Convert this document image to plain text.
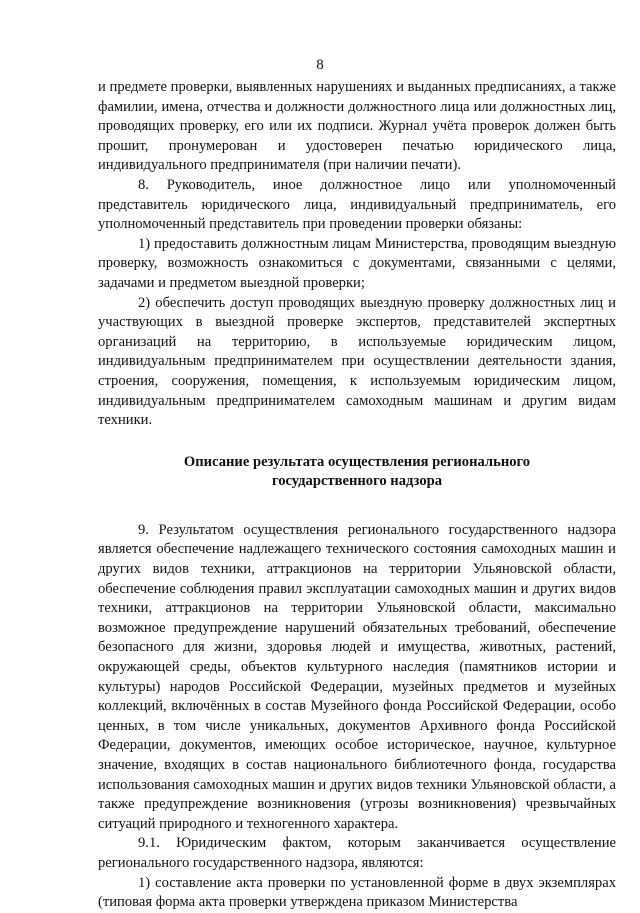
8

и предмете проверки, выявленных нарушениях и выданных предписаниях, а также фамилии, имена, отчества и должности должностного лица или должностных лиц, проводящих проверку, его или их подписи. Журнал учёта проверок должен быть прошит, пронумерован и удостоверен печатью юридического лица, индивидуального предпринимателя (при наличии печати).

8. Руководитель, иное должностное лицо или уполномоченный представитель юридического лица, индивидуальный предприниматель, его уполномоченный представитель при проведении проверки обязаны:

1) предоставить должностным лицам Министерства, проводящим выездную проверку, возможность ознакомиться с документами, связанными с целями, задачами и предметом выездной проверки;

2) обеспечить доступ проводящих выездную проверку должностных лиц и участвующих в выездной проверке экспертов, представителей экспертных организаций на территорию, в используемые юридическим лицом, индивидуальным предпринимателем при осуществлении деятельности здания, строения, сооружения, помещения, к используемым юридическим лицом, индивидуальным предпринимателем самоходным машинам и другим видам техники.

Описание результата осуществления регионального
государственного надзора

9. Результатом осуществления регионального государственного надзора является обеспечение надлежащего технического состояния самоходных машин и других видов техники, аттракционов на территории Ульяновской области, обеспечение соблюдения правил эксплуатации самоходных машин и других видов техники, аттракционов на территории Ульяновской области, максимально возможное предупреждение нарушений обязательных требований, обеспечение безопасного для жизни, здоровья людей и имущества, животных, растений, окружающей среды, объектов культурного наследия (памятников истории и культуры) народов Российской Федерации, музейных предметов и музейных коллекций, включённых в состав Музейного фонда Российской Федерации, особо ценных, в том числе уникальных, документов Архивного фонда Российской Федерации, документов, имеющих особое историческое, научное, культурное значение, входящих в состав национального библиотечного фонда, государства использования самоходных машин и других видов техники Ульяновской области, а также предупреждение возникновения (угрозы возникновения) чрезвычайных ситуаций природного и техногенного характера.

9.1. Юридическим фактом, которым заканчивается осуществление регионального государственного надзора, являются:

1) составление акта проверки по установленной форме в двух экземплярах (типовая форма акта проверки утверждена приказом Министерства
